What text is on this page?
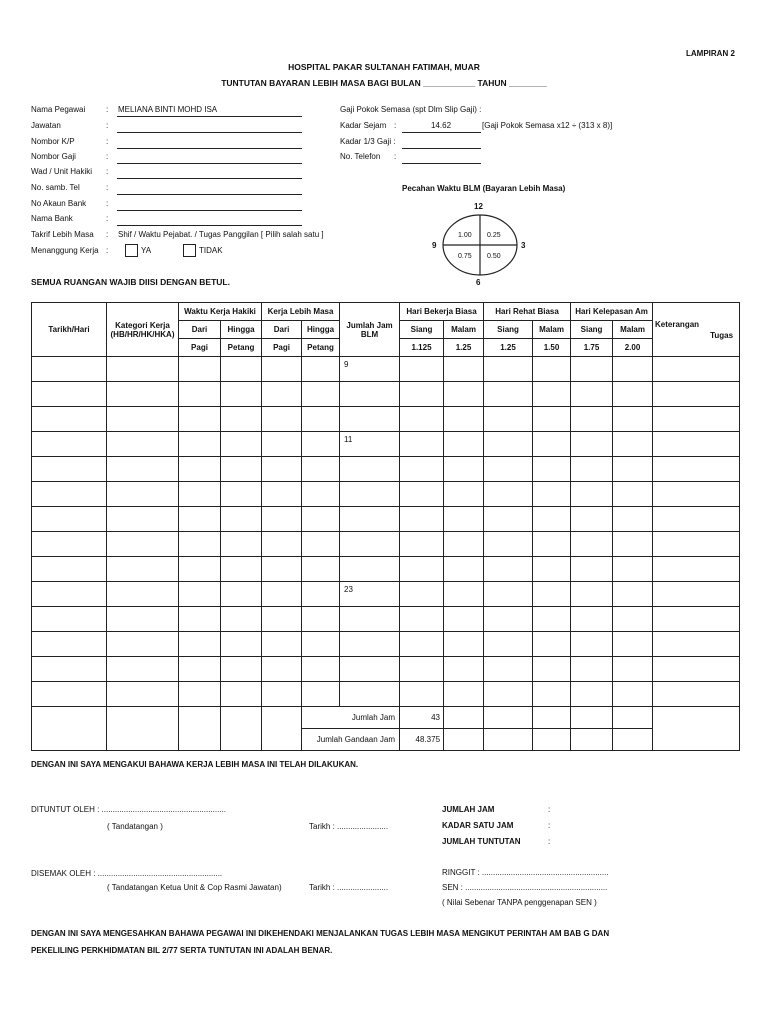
LAMPIRAN 2
HOSPITAL PAKAR SULTANAH FATIMAH, MUAR
TUNTUTAN BAYARAN LEBIH MASA BAGI BULAN ___________ TAHUN ________
Nama Pegawai	: MELIANA BINTI MOHD ISA
Jawatan	:
Nombor K/P	:
Nombor Gaji	:
Wad / Unit Hakiki :
No. samb. Tel	:
No Akaun Bank :
Nama Bank	:
Takrif Lebih Masa : Shif / Waktu Pejabat. / Tugas Panggilan [ Pilih salah satu ]
Menanggung Kerja :	YA	TIDAK
Gaji Pokok Semasa (spt Dlm Slip Gaji) :
Kadar Sejam :	14.62	[Gaji Pokok Semasa x12 ÷ (313 x 8)]
Kadar 1/3 Gaji :
No. Telefon :
Pecahan Waktu BLM (Bayaran Lebih Masa)
12
3
6
9
1.00 0.25
0.75 0.50
SEMUA RUANGAN WAJIB DIISI DENGAN BETUL.
Tarikh/Hari	Kategori Kerja (HB/HR/HK/HKA)	Waktu Kerja Hakiki		Kerja Lebih Masa		Jumlah Jam BLM	Hari Bekerja Biasa		Hari Rehat Biasa		Hari Kelepasan Am		Keterangan
Tugas
		Dari	Hingga	Dari	Hingga		Siang	Malam	Siang	Malam	Siang	Malam	
		Pagi	Petang	Pagi	Petang		1.125	1.25	1.25	1.50	1.75	2.00	
						9							

						11							

						23							

					Jumlah Jam		43						
					Jumlah Gandaan Jam		48.375						
DENGAN INI SAYA MENGAKUI BAHAWA KERJA LEBIH MASA INI TELAH DILAKUKAN.
DITUNTUT OLEH : ........................................................
( Tandatangan )	Tarikh : .......................
DISEMAK OLEH : ........................................................
( Tandatangan Ketua Unit & Cop Rasmi Jawatan)	Tarikh : .......................
JUMLAH JAM	:
KADAR SATU JAM	:
JUMLAH TUNTUTAN	:
RINGGIT : .........................................................
SEN : ................................................................
( Nilai Sebenar TANPA penggenapan SEN )
DENGAN INI SAYA MENGESAHKAN BAHAWA PEGAWAI INI DIKEHENDAKI MENJALANKAN TUGAS LEBIH MASA MENGIKUT PERINTAH AM BAB G DAN
PEKELILING PERKHIDMATAN BIL 2/77 SERTA TUNTUTAN INI ADALAH BENAR.
